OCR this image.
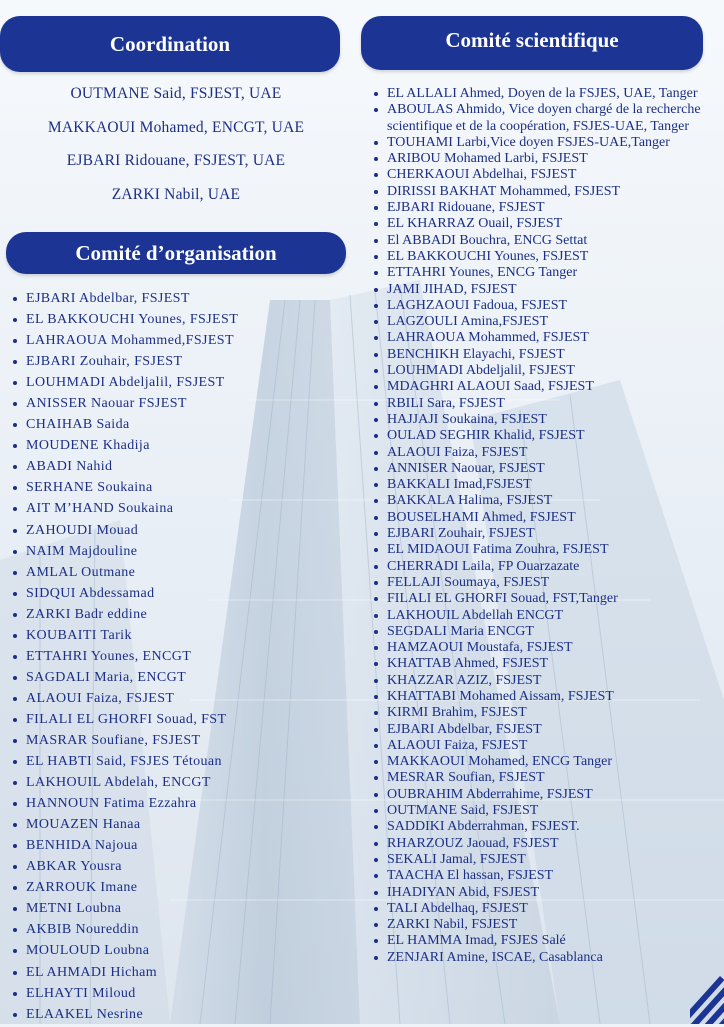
Coordination
OUTMANE Said, FSJEST, UAE
MAKKAOUI Mohamed, ENCGT, UAE
EJBARI Ridouane, FSJEST, UAE
ZARKI Nabil, UAE
Comité d’organisation
EJBARI Abdelbar, FSJEST
EL BAKKOUCHI Younes, FSJEST
LAHRAOUA Mohammed,FSJEST
EJBARI Zouhair, FSJEST
LOUHMADI Abdeljalil, FSJEST
ANISSER Naouar FSJEST
CHAIHAB Saida
MOUDENE Khadija
ABADI Nahid
SERHANE Soukaina
AIT M’HAND Soukaina
ZAHOUDI Mouad
NAIM Majdouline
AMLAL Outmane
SIDQUI Abdessamad
ZARKI Badr eddine
KOUBAITI Tarik
ETTAHRI Younes, ENCGT
SAGDALI Maria, ENCGT
ALAOUI Faiza, FSJEST
FILALI EL GHORFI Souad, FST
MASRAR Soufiane, FSJEST
EL HABTI Said, FSJES Tétouan
LAKHOUIL Abdelah, ENCGT
HANNOUN Fatima Ezzahra
MOUAZEN Hanaa
BENHIDA Najoua
ABKAR Yousra
ZARROUK Imane
METNI Loubna
AKBIB Noureddin
MOULOUD Loubna
EL AHMADI Hicham
ELHAYTI Miloud
ELAAKEL Nesrine
Comité scientifique
EL ALLALI Ahmed, Doyen de la FSJES, UAE, Tanger
ABOULAS Ahmido, Vice doyen chargé de la recherche scientifique et de la coopération, FSJES-UAE, Tanger
TOUHAMI Larbi,Vice doyen FSJES-UAE,Tanger
ARIBOU Mohamed Larbi, FSJEST
CHERKAOUI Abdelhai, FSJEST
DIRISSI BAKHAT Mohammed, FSJEST
EJBARI Ridouane, FSJEST
EL KHARRAZ Ouail, FSJEST
El ABBADI Bouchra, ENCG Settat
EL BAKKOUCHI Younes, FSJEST
ETTAHRI Younes, ENCG Tanger
JAMI JIHAD, FSJEST
LAGHZAOUI Fadoua, FSJEST
LAGZOULI Amina,FSJEST
LAHRAOUA Mohammed, FSJEST
BENCHIKH Elayachi, FSJEST
LOUHMADI Abdeljalil, FSJEST
MDAGHRI ALAOUI Saad, FSJEST
RBILI Sara, FSJEST
HAJJAJI Soukaina, FSJEST
OULAD SEGHIR Khalid, FSJEST
ALAOUI Faiza, FSJEST
ANNISER Naouar, FSJEST
BAKKALI Imad,FSJEST
BAKKALA Halima, FSJEST
BOUSELHAMI Ahmed, FSJEST
EJBARI Zouhair, FSJEST
EL MIDAOUI Fatima Zouhra, FSJEST
CHERRADI Laila, FP Ouarzazate
FELLAJI Soumaya, FSJEST
FILALI EL GHORFI Souad, FST,Tanger
LAKHOUIL Abdellah ENCGT
SEGDALI Maria ENCGT
HAMZAOUI Moustafa, FSJEST
KHATTAB Ahmed, FSJEST
KHAZZAR AZIZ, FSJEST
KHATTABI Mohamed Aissam, FSJEST
KIRMI Brahim, FSJEST
EJBARI Abdelbar, FSJEST
ALAOUI Faiza, FSJEST
MAKKAOUI Mohamed, ENCG Tanger
MESRAR Soufian, FSJEST
OUBRAHIM Abderrahime, FSJEST
OUTMANE Said, FSJEST
SADDIKI Abderrahman, FSJEST.
RHARZOUZ Jaouad, FSJEST
SEKALI Jamal, FSJEST
TAACHA El hassan, FSJEST
IHADIYAN Abid, FSJEST
TALI Abdelhaq, FSJEST
ZARKI Nabil, FSJEST
EL HAMMA Imad, FSJES Salé
ZENJARI Amine, ISCAE, Casablanca
